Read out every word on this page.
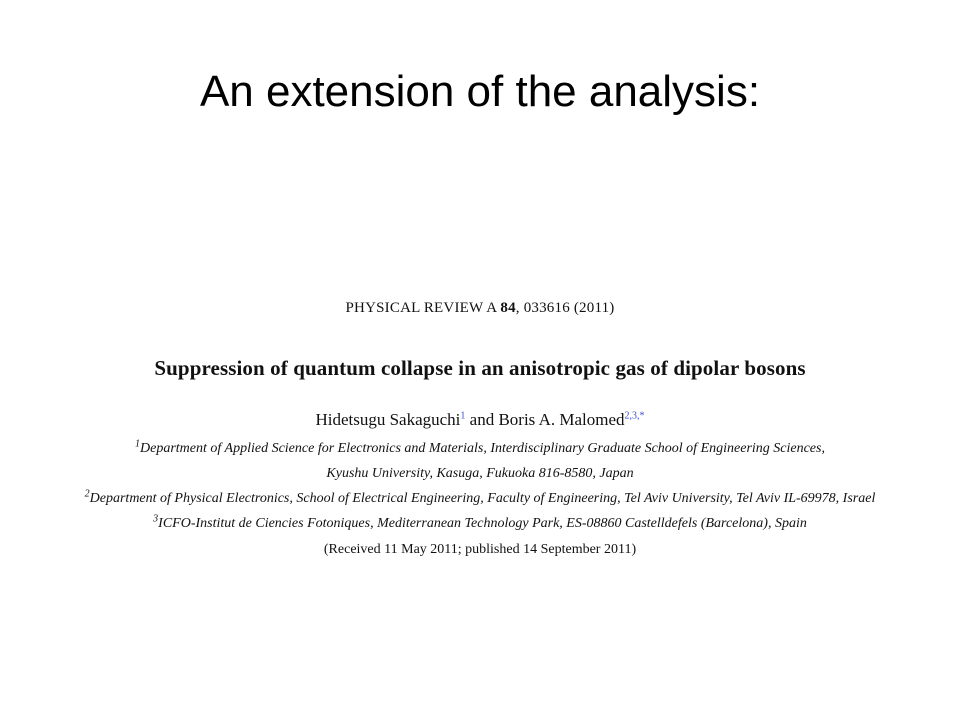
An extension of the analysis:
PHYSICAL REVIEW A 84, 033616 (2011)
Suppression of quantum collapse in an anisotropic gas of dipolar bosons
Hidetsugu Sakaguchi$^1$ and Boris A. Malomed$^{2,3,*}$
$^1$Department of Applied Science for Electronics and Materials, Interdisciplinary Graduate School of Engineering Sciences,
Kyushu University, Kasuga, Fukuoka 816-8580, Japan
$^2$Department of Physical Electronics, School of Electrical Engineering, Faculty of Engineering, Tel Aviv University, Tel Aviv IL-69978, Israel
$^3$ICFO-Institut de Ciencies Fotoniques, Mediterranean Technology Park, ES-08860 Castelldefels (Barcelona), Spain
(Received 11 May 2011; published 14 September 2011)
